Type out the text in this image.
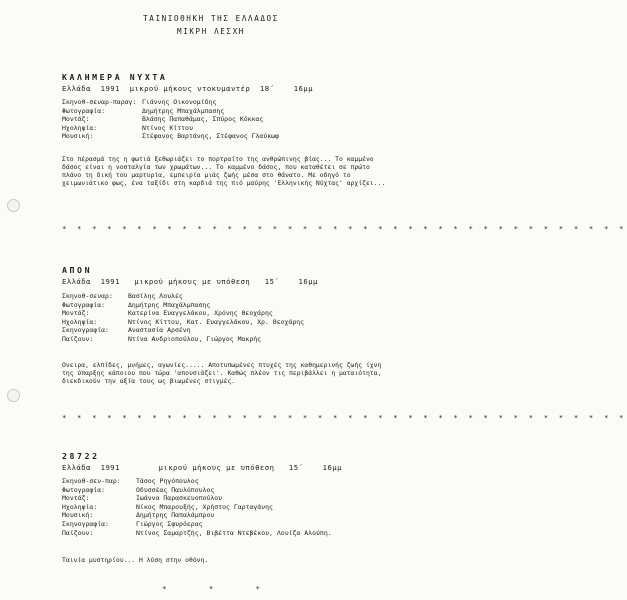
ΤΑΙΝΙΟΘΗΚΗ ΤΗΣ ΕΛΛΑΔΟΣ
ΜΙΚΡΗ ΛΕΣΧΗ
ΚΑΛΗΜΕΡΑ ΝΥΧΤΑ
Ελλάδα  1991  μικρού μήκους ντοκυμαντέρ  18΄    16μμ
Σκηνοθ-σεναρ-παραγ: Γιάννης Οικονομίδης
Φωτογραφία:	Δημήτρης Μπαχάλμπασης
Μοντάζ:	Βλάσης Παπαθάμας, Σπύρος Κόκκας
Ηχοληψία:	Ντίνος Κίττου
Μουσική:	Στέφανος Βαρτάνης, Στέφανος Γλαύκωφ
Στο πέρασμά της η φωτιά ξεθωριάζει το πορτραίτο της ανθρώπινης βίας... Το καμμένο δάσος είναι η νοσταλγία των χρωμάτων... Το καμμένο δάσος, που καταθέτει σε πρώτο πλάνο τη δική του μαρτυρία, εμπειρία μιάς ζωής μέσα στο θάνατο. Με οδηγό το χειμωνιάτικο φως, ένα ταξίδι στη καρδιά της πιό μαύρης 'Ελληνικής Νύχτας' αρχίζει...
* * * * * * * * * * * * * * * * * * * * * * * * * * * * * * * * * * * * * *
ΑΠΟΝ
Ελλάδα  1991   μικρού μήκους με υπόθεση   15΄    16μμ
Σκηνοθ-σεναρ:	Βασίλης Λουλές
Φωτογραφία:	Δημήτρης Μπαχάλμπασης
Μοντάζ:	Κατερίνα Ευαγγελάκου, Χρόνης Θεοχάρης
Ηχοληψία:	Ντίνος Κίττου, Κατ. Ευαγγελάκου, Χρ. Θεοχάρης
Σκηνογραφία:	Αναστασία Αρσένη
Παίζουν:	Ντίνα Ανδριοπούλου, Γιώργος Μακρής
Ονειρα, ελπίδες, μνήμες, αγωνίες..... Αποτυπωμένες πτυχές της καθημερινής ζωής ίχνη της ύπαρξης κάποιου που τώρα 'απουσιάζει'. Καθώς πλέον τις περιβάλλει η ματαιότητα, διεκδικούν την αξία τους ως βιωμένες στιγμές.
* * * * * * * * * * * * * * * * * * * * * * * * * * * * * * * * * * * * * *
28722
Ελλάδα  1991        μικρού μήκους με υπόθεση   15΄    16μμ
Σκηνοθ-σεν-παρ:	Τάσος Ρηγόπουλος
Φωτογραφία:	Οδυσσέας Παυλόπουλος
Μοντάζ:	Ιωάννα Παρασκευοπούλου
Ηχοληψία:	Νίκος Μπαρουξής, Χρήστος Γαρταγάνης
Μουσική:	Δημήτρης Παπαλάμπρου
Σκηνογραφία:	Γιώργος Σφυρόερας
Παίζουν:	Ντίνος Σαμαρτζής, Βιβέττα Ντεβέκου, Λουίζα Αλούπη.
Ταινία μυστηρίου... Η λύση στην οθόνη.
* * *
